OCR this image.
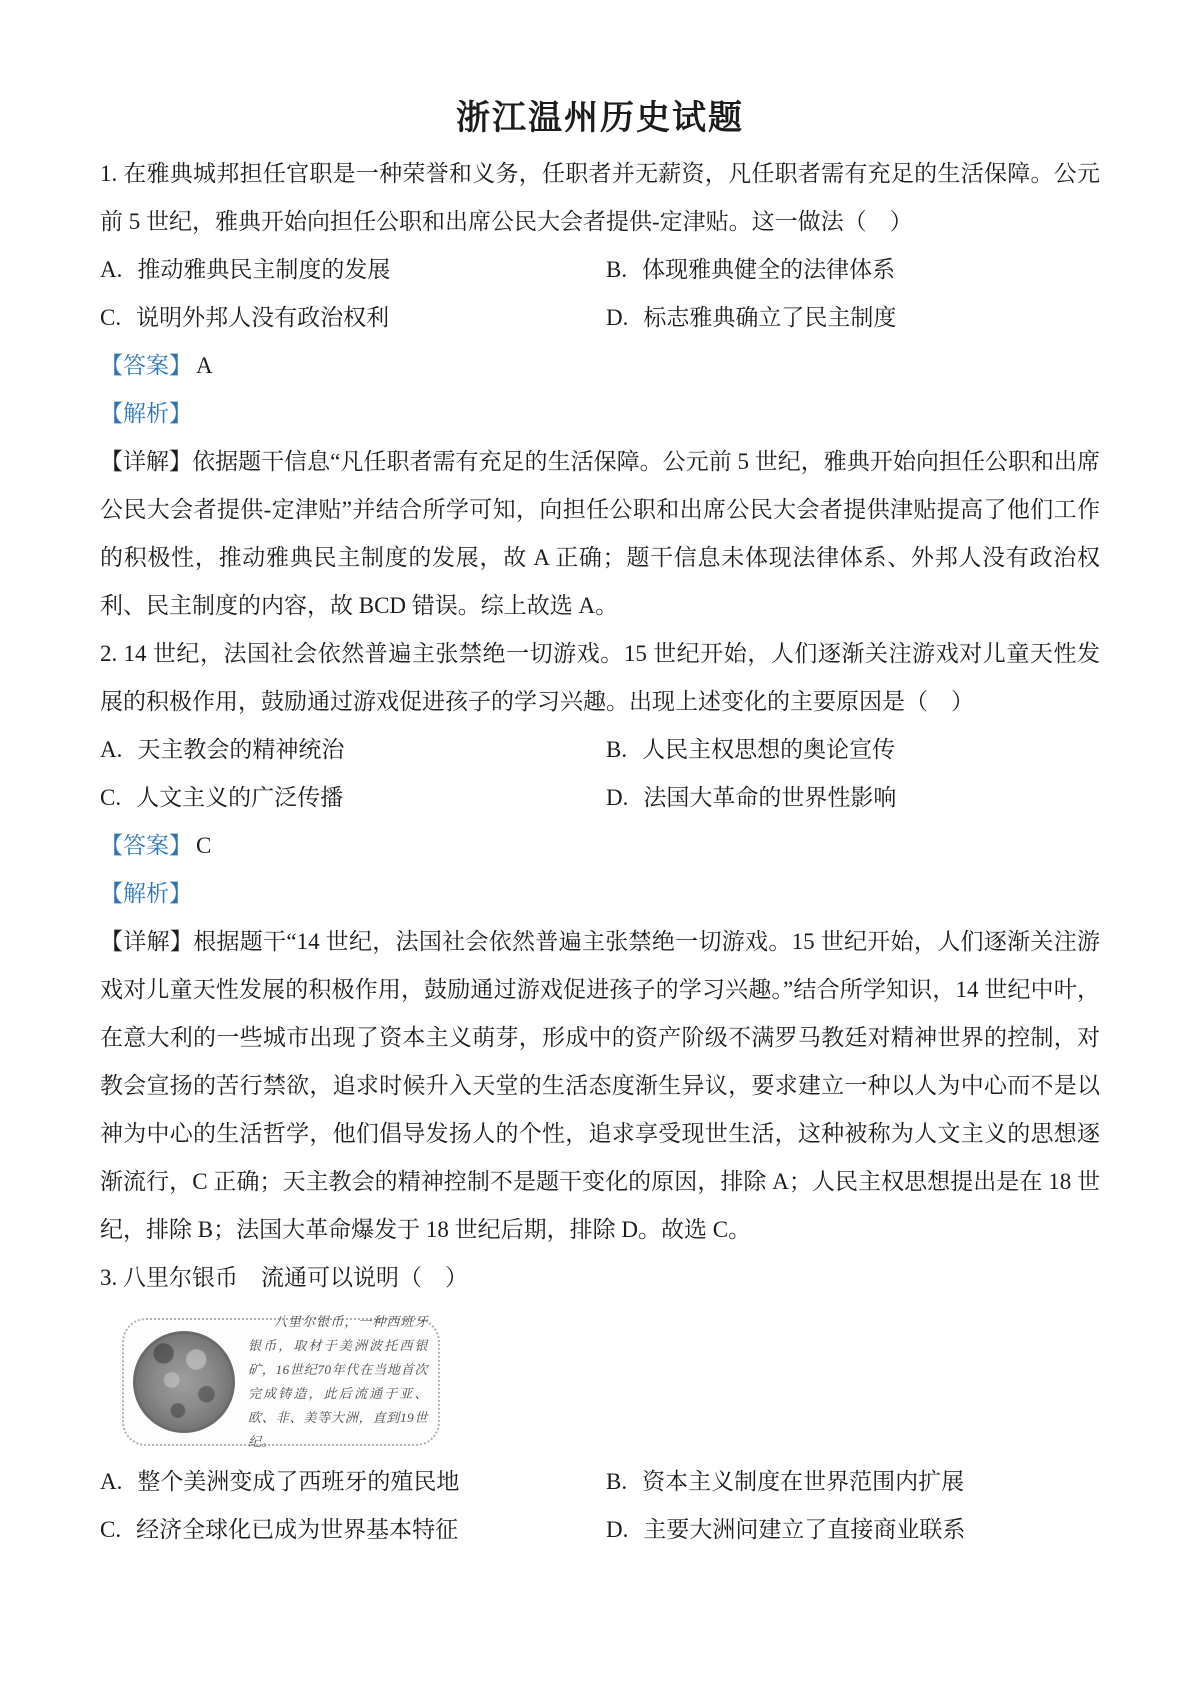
浙江温州历史试题

1. 在雅典城邦担任官职是一种荣誉和义务，任职者并无薪资，凡任职者需有充足的生活保障。公元前 5 世纪，雅典开始向担任公职和出席公民大会者提供-定津贴。这一做法（　）

A. 推动雅典民主制度的发展	B. 体现雅典健全的法律体系
C. 说明外邦人没有政治权利	D. 标志雅典确立了民主制度

【答案】 A

【解析】

【详解】依据题干信息“凡任职者需有充足的生活保障。公元前 5 世纪，雅典开始向担任公职和出席公民大会者提供-定津贴”并结合所学可知，向担任公职和出席公民大会者提供津贴提高了他们工作的积极性，推动雅典民主制度的发展，故 A 正确；题干信息未体现法律体系、外邦人没有政治权利、民主制度的内容，故 BCD 错误。综上故选 A。

2. 14 世纪，法国社会依然普遍主张禁绝一切游戏。15 世纪开始，人们逐渐关注游戏对儿童天性发展的积极作用，鼓励通过游戏促进孩子的学习兴趣。出现上述变化的主要原因是（　）

A. 天主教会的精神统治	B. 人民主权思想的奥论宣传
C. 人文主义的广泛传播	D. 法国大革命的世界性影响

【答案】 C

【解析】

【详解】根据题干“14 世纪，法国社会依然普遍主张禁绝一切游戏。15 世纪开始，人们逐渐关注游戏对儿童天性发展的积极作用，鼓励通过游戏促进孩子的学习兴趣。”结合所学知识，14 世纪中叶，在意大利的一些城市出现了资本主义萌芽，形成中的资产阶级不满罗马教廷对精神世界的控制，对教会宣扬的苦行禁欲，追求时候升入天堂的生活态度渐生异议，要求建立一种以人为中心而不是以神为中心的生活哲学，他们倡导发扬人的个性，追求享受现世生活，这种被称为人文主义的思想逐渐流行，C 正确；天主教会的精神控制不是题干变化的原因，排除 A；人民主权思想提出是在 18 世纪，排除 B；法国大革命爆发于 18 世纪后期，排除 D。故选 C。

3. 八里尔银币　流通可以说明（　）

八里尔银币，一种西班牙银币，取材于美洲波托西银矿，16世纪70年代在当地首次完成铸造，此后流通于亚、欧、非、美等大洲，直到19世纪。
A. 整个美洲变成了西班牙的殖民地	B. 资本主义制度在世界范围内扩展
C. 经济全球化已成为世界基本特征	D. 主要大洲问建立了直接商业联系
